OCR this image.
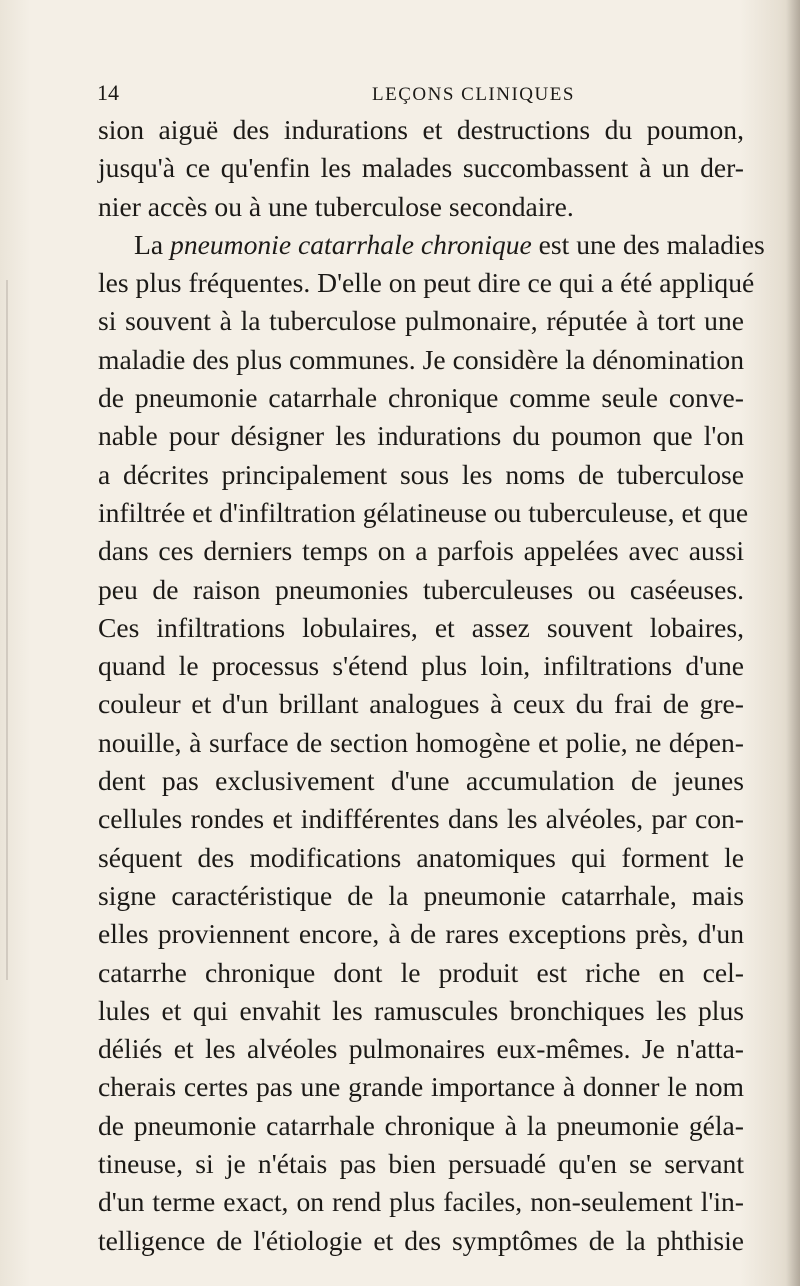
14	LEÇONS CLINIQUES
sion aiguë des indurations et destructions du poumon,
jusqu'à ce qu'enfin les malades succombassent à un der-
nier accès ou à une tuberculose secondaire.
La pneumonie catarrhale chronique est une des maladies
les plus fréquentes. D'elle on peut dire ce qui a été appliqué
si souvent à la tuberculose pulmonaire, réputée à tort une
maladie des plus communes. Je considère la dénomination
de pneumonie catarrhale chronique comme seule conve-
nable pour désigner les indurations du poumon que l'on
a décrites principalement sous les noms de tuberculose
infiltrée et d'infiltration gélatineuse ou tuberculeuse, et que
dans ces derniers temps on a parfois appelées avec aussi
peu de raison pneumonies tuberculeuses ou caséeuses.
Ces infiltrations lobulaires, et assez souvent lobaires,
quand le processus s'étend plus loin, infiltrations d'une
couleur et d'un brillant analogues à ceux du frai de gre-
nouille, à surface de section homogène et polie, ne dépen-
dent pas exclusivement d'une accumulation de jeunes
cellules rondes et indifférentes dans les alvéoles, par con-
séquent des modifications anatomiques qui forment le
signe caractéristique de la pneumonie catarrhale, mais
elles proviennent encore, à de rares exceptions près, d'un
catarrhe chronique dont le produit est riche en cel-
lules et qui envahit les ramuscules bronchiques les plus
déliés et les alvéoles pulmonaires eux-mêmes. Je n'atta-
cherais certes pas une grande importance à donner le nom
de pneumonie catarrhale chronique à la pneumonie géla-
tineuse, si je n'étais pas bien persuadé qu'en se servant
d'un terme exact, on rend plus faciles, non-seulement l'in-
telligence de l'étiologie et des symptômes de la phthisie
